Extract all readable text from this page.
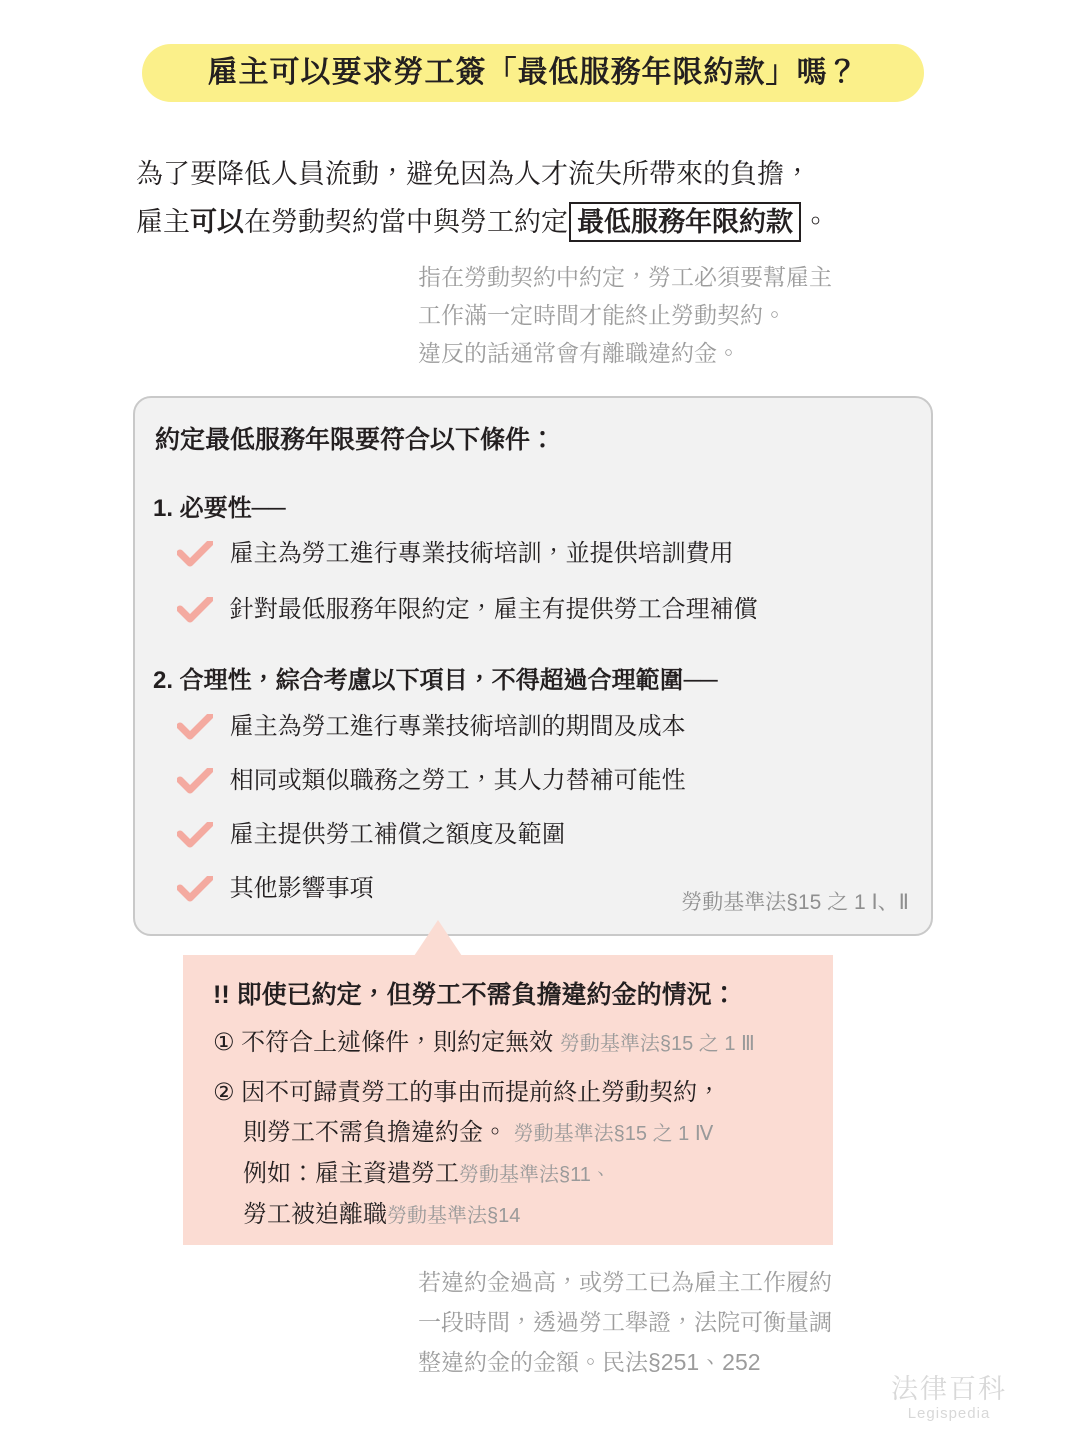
雇主可以要求勞工簽「最低服務年限約款」嗎？
為了要降低人員流動，避免因為人才流失所帶來的負擔，
雇主可以在勞動契約當中與勞工約定 最低服務年限約款 。
指在勞動契約中約定，勞工必須要幫雇主
工作滿一定時間才能終止勞動契約。
違反的話通常會有離職違約金。
約定最低服務年限要符合以下條件：
1. 必要性──
雇主為勞工進行專業技術培訓，並提供培訓費用
針對最低服務年限約定，雇主有提供勞工合理補償
2. 合理性，綜合考慮以下項目，不得超過合理範圍──
雇主為勞工進行專業技術培訓的期間及成本
相同或類似職務之勞工，其人力替補可能性
雇主提供勞工補償之額度及範圍
其他影響事項
勞動基準法§15 之 1 Ⅰ、Ⅱ
!! 即使已約定，但勞工不需負擔違約金的情況：
① 不符合上述條件，則約定無效 勞動基準法§15 之 1 Ⅲ
② 因不可歸責勞工的事由而提前終止勞動契約，
則勞工不需負擔違約金。 勞動基準法§15 之 1 Ⅳ
例如：雇主資遣勞工勞動基準法§11、
勞工被迫離職勞動基準法§14
若違約金過高，或勞工已為雇主工作履約
一段時間，透過勞工舉證，法院可衡量調
整違約金的金額。民法§251、252
法律百科
Legispedia
